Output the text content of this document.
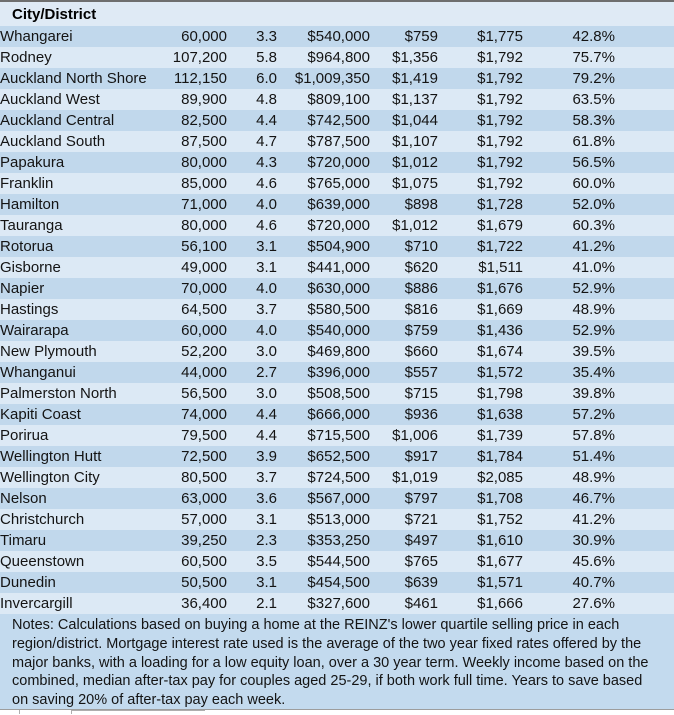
City/District
Whangarei	60,000	3.3	$540,000	$759	$1,775	42.8%	
Rodney	107,200	5.8	$964,800	$1,356	$1,792	75.7%	
Auckland North Shore	112,150	6.0	$1,009,350	$1,419	$1,792	79.2%	
Auckland West	89,900	4.8	$809,100	$1,137	$1,792	63.5%	
Auckland Central	82,500	4.4	$742,500	$1,044	$1,792	58.3%	
Auckland South	87,500	4.7	$787,500	$1,107	$1,792	61.8%	
Papakura	80,000	4.3	$720,000	$1,012	$1,792	56.5%	
Franklin	85,000	4.6	$765,000	$1,075	$1,792	60.0%	
Hamilton	71,000	4.0	$639,000	$898	$1,728	52.0%	
Tauranga	80,000	4.6	$720,000	$1,012	$1,679	60.3%	
Rotorua	56,100	3.1	$504,900	$710	$1,722	41.2%	
Gisborne	49,000	3.1	$441,000	$620	$1,511	41.0%	
Napier	70,000	4.0	$630,000	$886	$1,676	52.9%	
Hastings	64,500	3.7	$580,500	$816	$1,669	48.9%	
Wairarapa	60,000	4.0	$540,000	$759	$1,436	52.9%	
New Plymouth	52,200	3.0	$469,800	$660	$1,674	39.5%	
Whanganui	44,000	2.7	$396,000	$557	$1,572	35.4%	
Palmerston North	56,500	3.0	$508,500	$715	$1,798	39.8%	
Kapiti Coast	74,000	4.4	$666,000	$936	$1,638	57.2%	
Porirua	79,500	4.4	$715,500	$1,006	$1,739	57.8%	
Wellington Hutt	72,500	3.9	$652,500	$917	$1,784	51.4%	
Wellington City	80,500	3.7	$724,500	$1,019	$2,085	48.9%	
Nelson	63,000	3.6	$567,000	$797	$1,708	46.7%	
Christchurch	57,000	3.1	$513,000	$721	$1,752	41.2%	
Timaru	39,250	2.3	$353,250	$497	$1,610	30.9%	
Queenstown	60,500	3.5	$544,500	$765	$1,677	45.6%	
Dunedin	50,500	3.1	$454,500	$639	$1,571	40.7%	
Invercargill	36,400	2.1	$327,600	$461	$1,666	27.6%	
Notes: Calculations based on buying a home at the REINZ's lower quartile selling price in each region/district. Mortgage interest rate used is the average of the two year fixed rates offered by the major banks, with a loading for a low equity loan, over a 30 year term. Weekly income based on the combined, median after-tax pay for couples aged 25-29, if both work full time. Years to save based on saving 20% of after-tax pay each week.
